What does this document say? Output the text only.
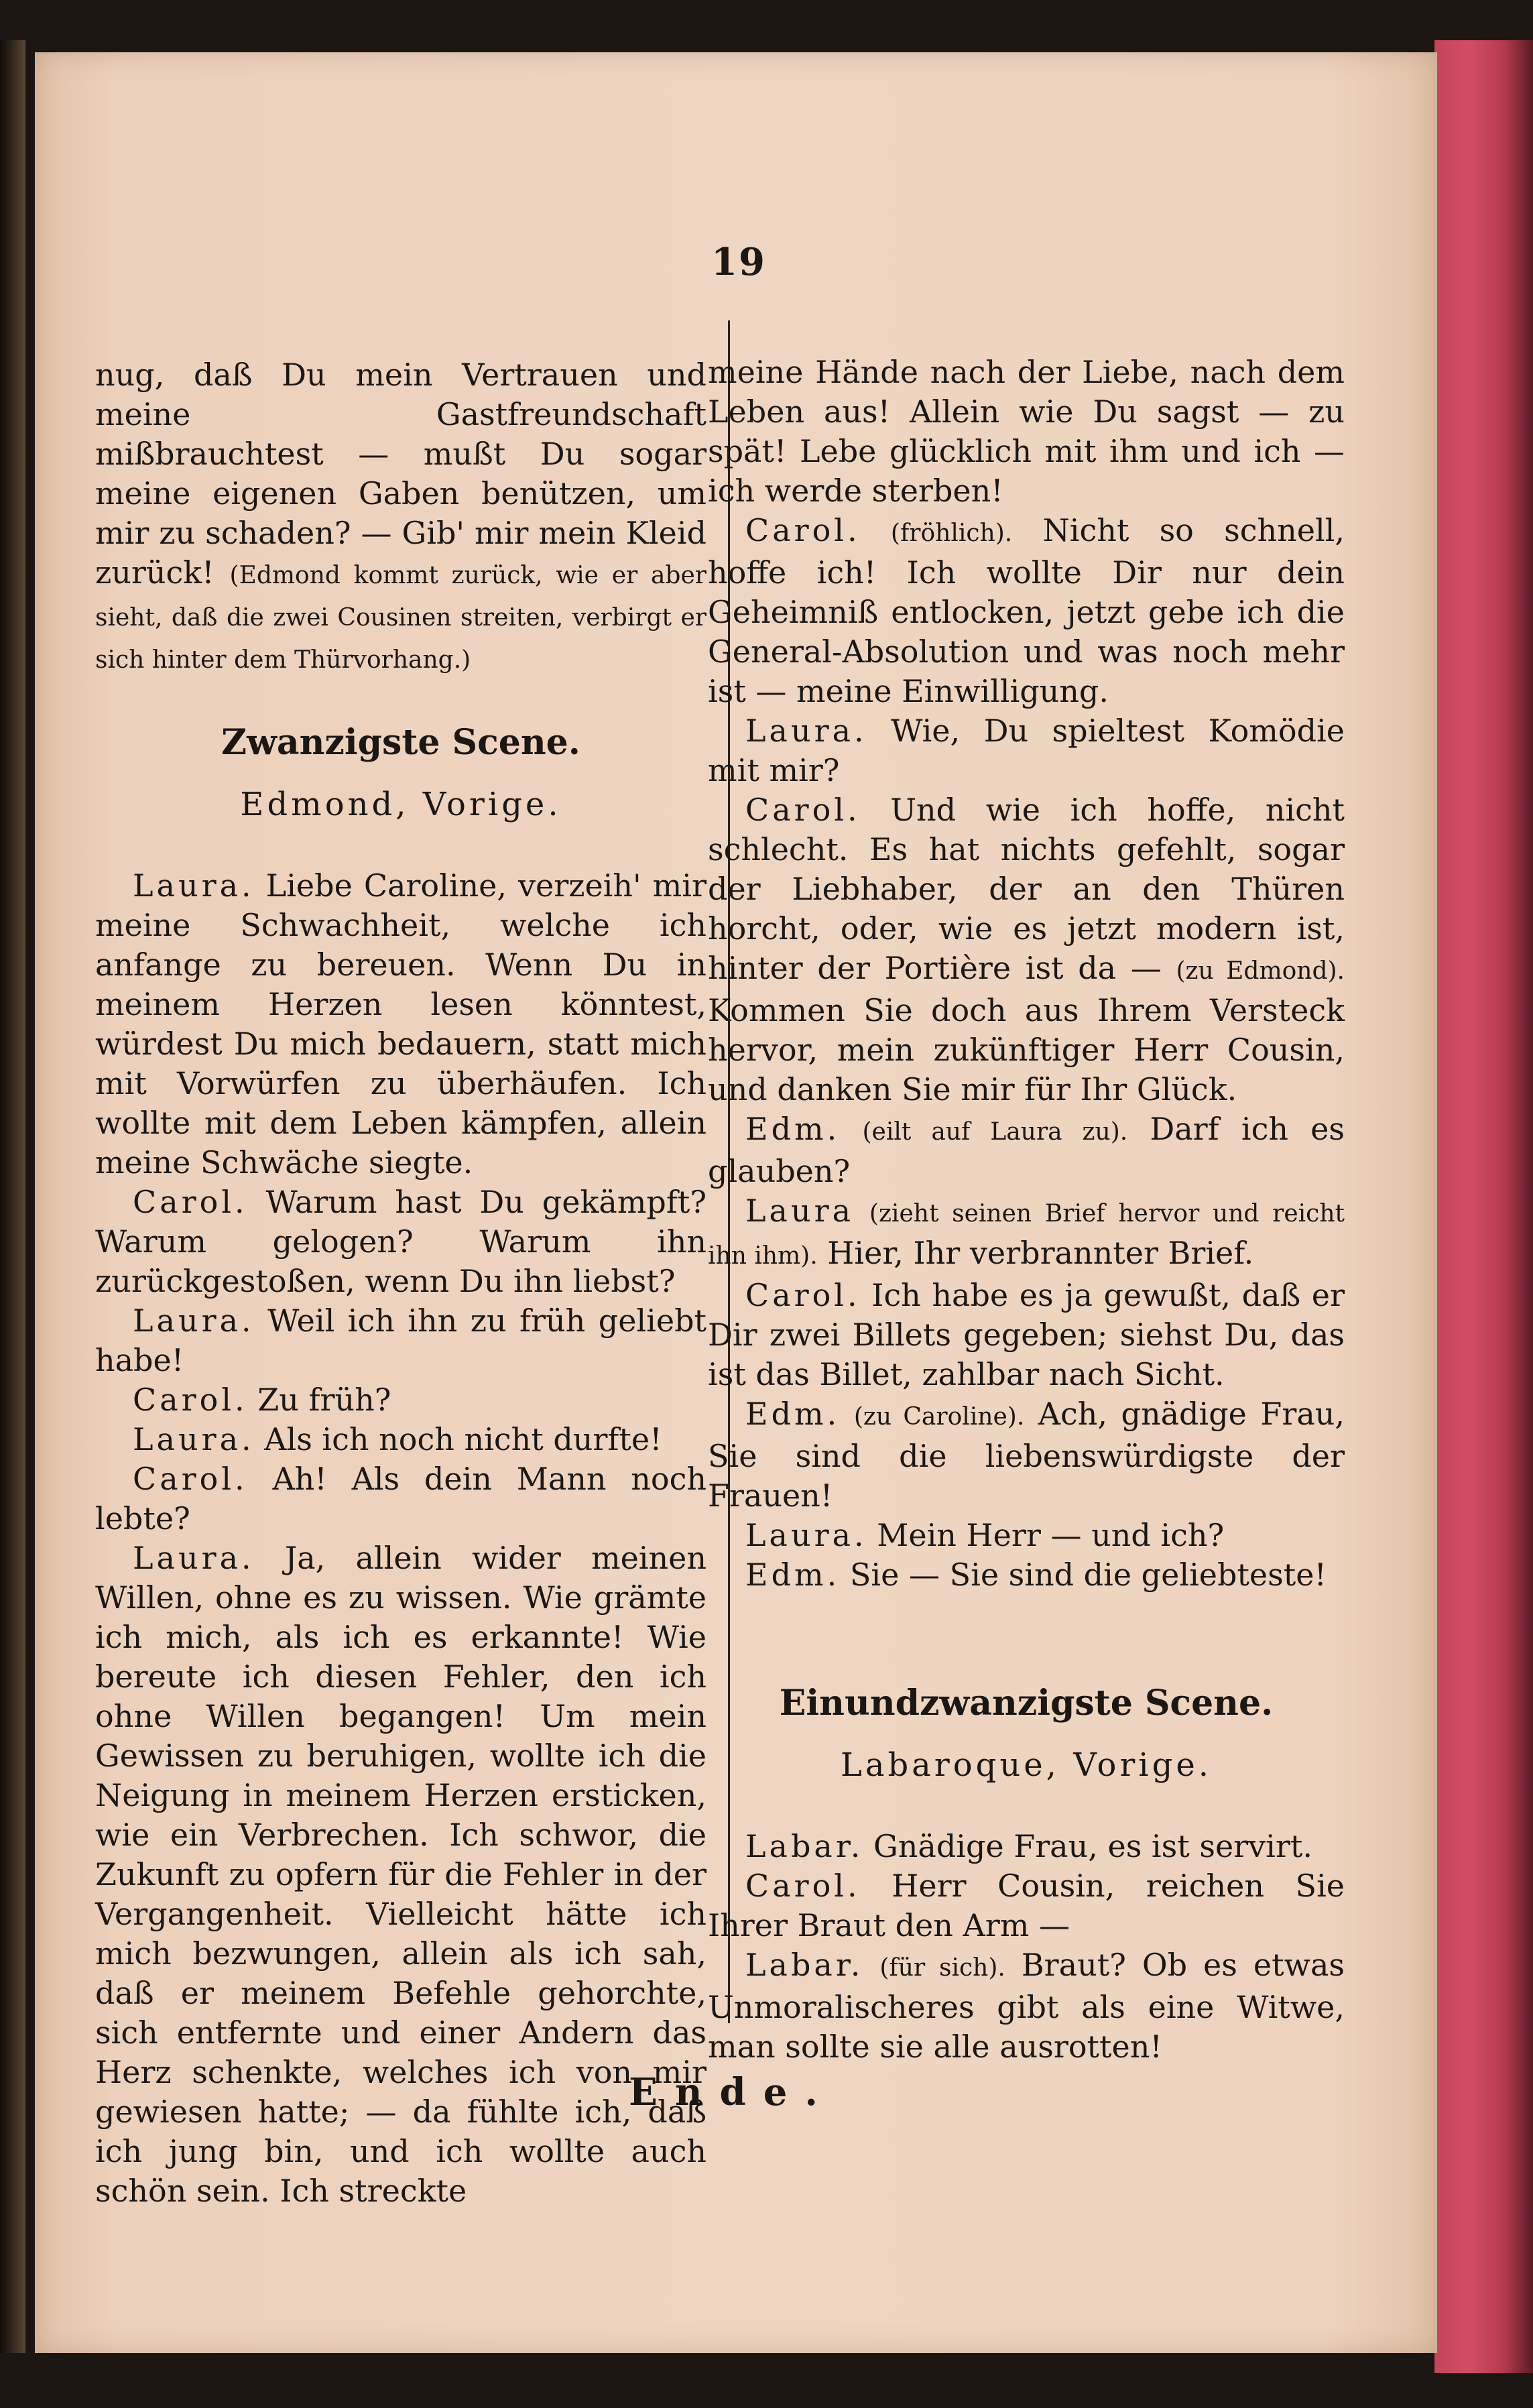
19

nug, daß Du mein Vertrauen und meine Gastfreundschaft mißbrauchtest — mußt Du sogar meine eigenen Gaben benützen, um mir zu schaden? — Gib' mir mein Kleid zurück! (Edmond kommt zurück, wie er aber sieht, daß die zwei Cousinen streiten, verbirgt er sich hinter dem Thürvorhang.)

Zwanzigste Scene.
Edmond, Vorige.

Laura. Liebe Caroline, verzeih' mir meine Schwachheit, welche ich anfange zu bereuen. Wenn Du in meinem Herzen lesen könntest, würdest Du mich bedauern, statt mich mit Vorwürfen zu überhäufen. Ich wollte mit dem Leben kämpfen, allein meine Schwäche siegte.

Carol. Warum hast Du gekämpft? Warum gelogen? Warum ihn zurückgestoßen, wenn Du ihn liebst?

Laura. Weil ich ihn zu früh geliebt habe!

Carol. Zu früh?

Laura. Als ich noch nicht durfte!

Carol. Ah! Als dein Mann noch lebte?

Laura. Ja, allein wider meinen Willen, ohne es zu wissen. Wie grämte ich mich, als ich es erkannte! Wie bereute ich diesen Fehler, den ich ohne Willen begangen! Um mein Gewissen zu beruhigen, wollte ich die Neigung in meinem Herzen ersticken, wie ein Verbrechen. Ich schwor, die Zukunft zu opfern für die Fehler in der Vergangenheit. Vielleicht hätte ich mich bezwungen, allein als ich sah, daß er meinem Befehle gehorchte, sich entfernte und einer Andern das Herz schenkte, welches ich von mir gewiesen hatte; — da fühlte ich, daß ich jung bin, und ich wollte auch schön sein. Ich streckte

meine Hände nach der Liebe, nach dem Leben aus! Allein wie Du sagst — zu spät! Lebe glücklich mit ihm und ich — ich werde sterben!

Carol. (fröhlich). Nicht so schnell, hoffe ich! Ich wollte Dir nur dein Geheimniß entlocken, jetzt gebe ich die General-Absolution und was noch mehr ist — meine Einwilligung.

Laura. Wie, Du spieltest Komödie mit mir?

Carol. Und wie ich hoffe, nicht schlecht. Es hat nichts gefehlt, sogar der Liebhaber, der an den Thüren horcht, oder, wie es jetzt modern ist, hinter der Portière ist da — (zu Edmond). Kommen Sie doch aus Ihrem Versteck hervor, mein zukünftiger Herr Cousin, und danken Sie mir für Ihr Glück.

Edm. (eilt auf Laura zu). Darf ich es glauben?

Laura (zieht seinen Brief hervor und reicht ihn ihm). Hier, Ihr verbrannter Brief.

Carol. Ich habe es ja gewußt, daß er Dir zwei Billets gegeben; siehst Du, das ist das Billet, zahlbar nach Sicht.

Edm. (zu Caroline). Ach, gnädige Frau, Sie sind die liebenswürdigste der Frauen!

Laura. Mein Herr — und ich?

Edm. Sie — Sie sind die geliebteste!

Einundzwanzigste Scene.
Labaroque, Vorige.

Labar. Gnädige Frau, es ist servirt.

Carol. Herr Cousin, reichen Sie Ihrer Braut den Arm —

Labar. (für sich). Braut? Ob es etwas Unmoralischeres gibt als eine Witwe, man sollte sie alle ausrotten!

Ende.
